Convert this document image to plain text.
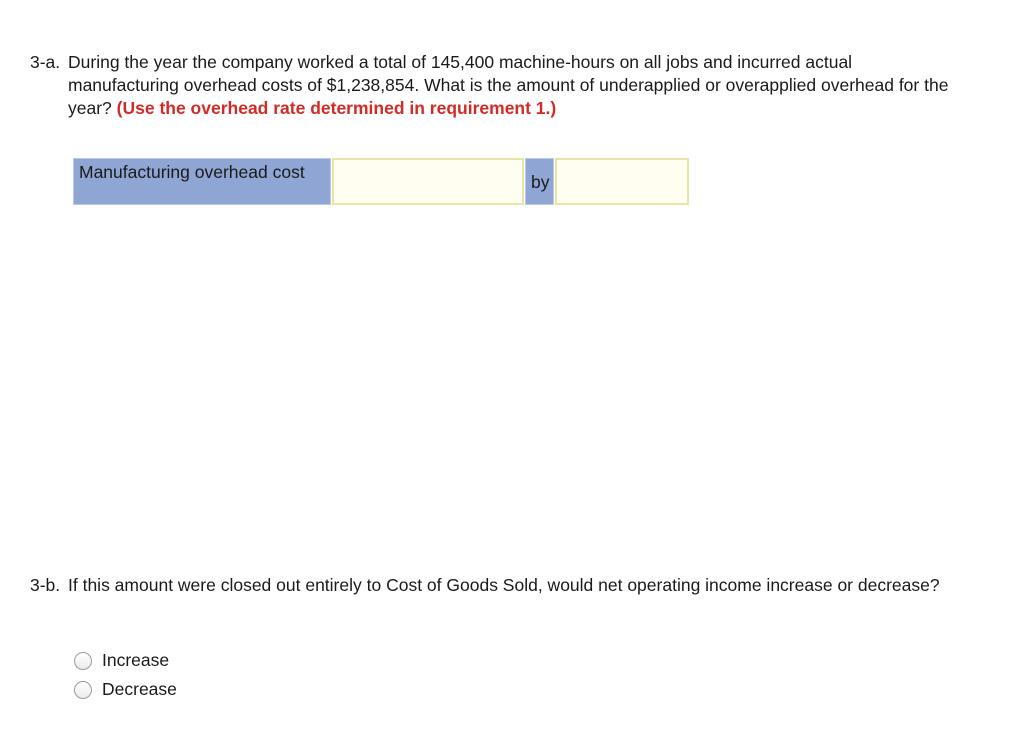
3-a. During the year the company worked a total of 145,400 machine-hours on all jobs and incurred actual manufacturing overhead costs of $1,238,854. What is the amount of underapplied or overapplied overhead for the year? (Use the overhead rate determined in requirement 1.)
Manufacturing overhead cost	by
3-b. If this amount were closed out entirely to Cost of Goods Sold, would net operating income increase or decrease?
Increase
Decrease
